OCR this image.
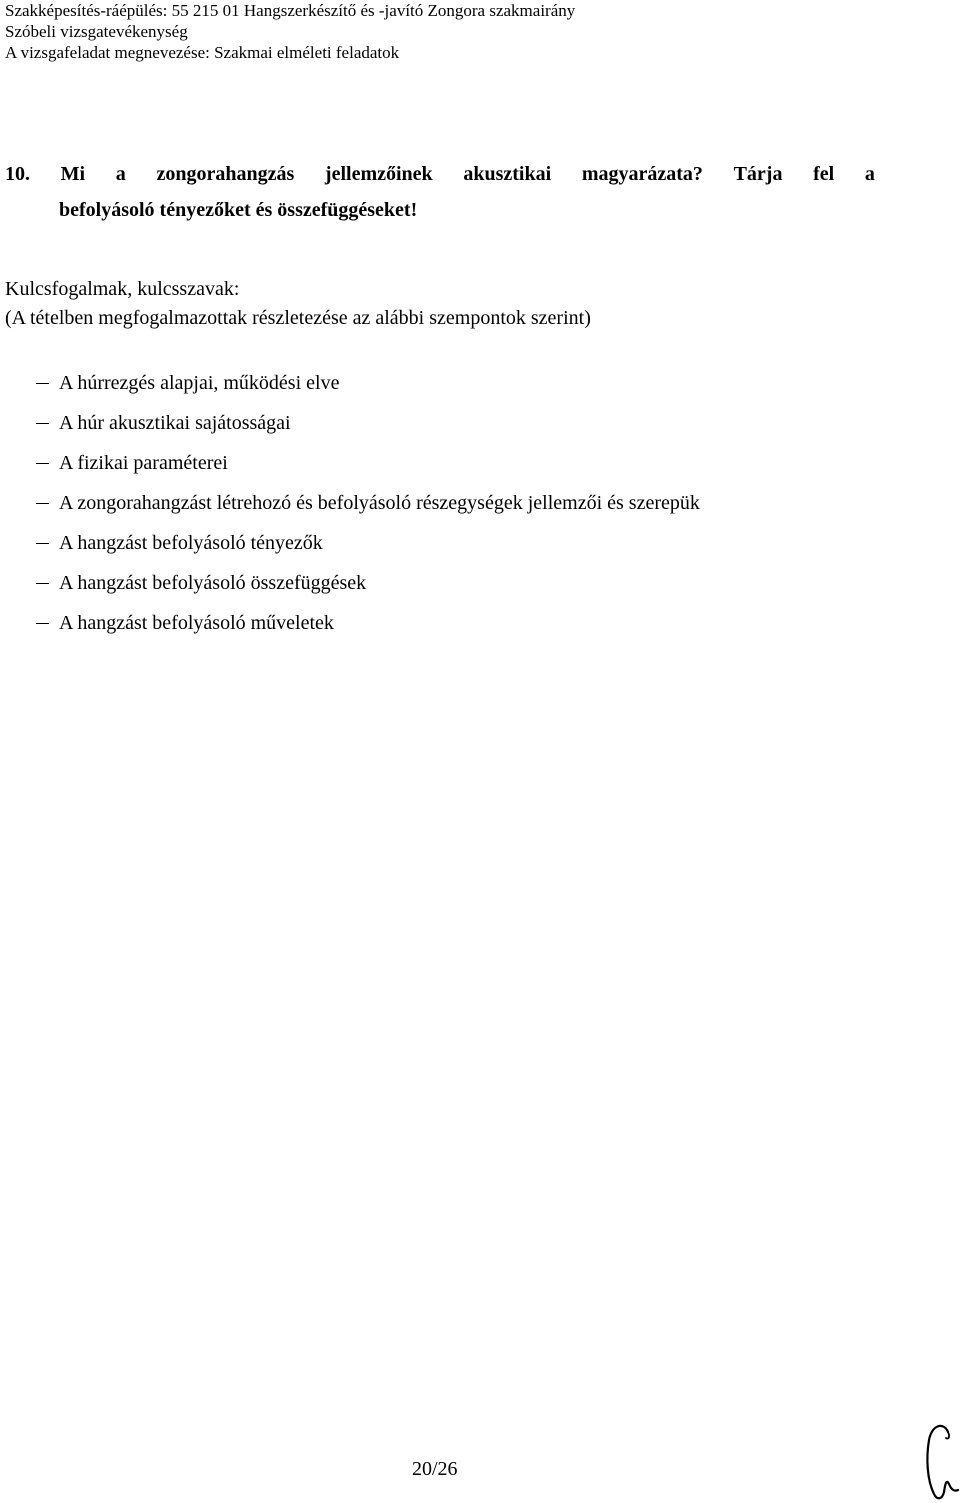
Szakképesítés-ráépülés: 55 215 01 Hangszerkészítő és -javító Zongora szakmairány
Szóbeli vizsgatevékenység
A vizsgafeladat megnevezése: Szakmai elméleti feladatok
10. Mi a zongorahangzás jellemzőinek akusztikai magyarázata? Tárja fel a
befolyásoló tényezőket és összefüggéseket!
Kulcsfogalmak, kulcsszavak:
(A tételben megfogalmazottak részletezése az alábbi szempontok szerint)
A húrrezgés alapjai, működési elve
A húr akusztikai sajátosságai
A fizikai paraméterei
A zongorahangzást létrehozó és befolyásoló részegységek jellemzői és szerepük
A hangzást befolyásoló tényezők
A hangzást befolyásoló összefüggések
A hangzást befolyásoló műveletek
20/26
